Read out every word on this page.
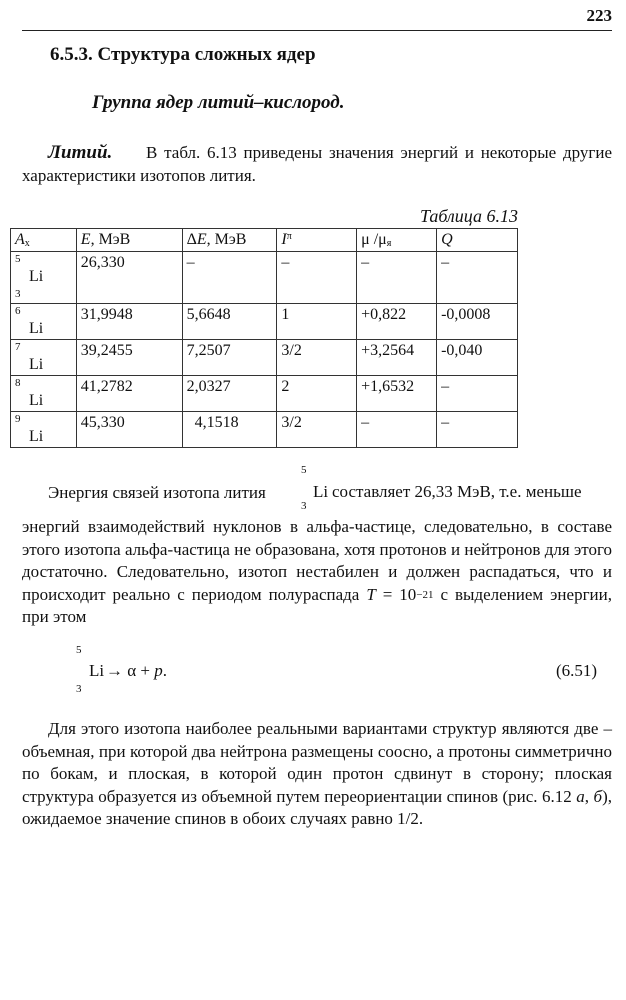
223
6.5.3. Структура сложных ядер
Группа ядер литий–кислород.
Литий. В табл. 6.13 приведены значения энергий и некоторые другие характеристики изотопов лития.
Таблица 6.13
Ax	E, МэВ	ΔE, МэВ	$I^\pi$	μ /μя	Q

5
Li
3	26,330	–	–	–	–

6
Li	31,9948	5,6648	1	+0,822	-0,0008

7
Li	39,2455	7,2507	3/2	+3,2564	-0,040

8
Li	41,2782	2,0327	2	+1,6532	–

9
Li	45,330	4,1518	3/2	–	–
Энергия связей изотопа лития
5
Li
3
составляет 26,33 МэВ, т.е. меньше
энергий взаимодействий нуклонов в альфа-частице, следовательно, в составе этого изотопа альфа-частица не образована, хотя протонов и нейтронов для этого достаточно. Следовательно, изотоп нестабилен и должен распадаться, что и происходит реально с периодом полураспада $T = 10^{-21}$ с выделением энергии, при этом
5
Li → α + p.
3
(6.51)
Для этого изотопа наиболее реальными вариантами структур являются две – объемная, при которой два нейтрона размещены соосно, а протоны симметрично по бокам, и плоская, в которой один протон сдвинут в сторону; плоская структура образуется из объемной путем переориентации спинов (рис. 6.12 а, б), ожидаемое значение спинов в обоих случаях равно 1/2.
